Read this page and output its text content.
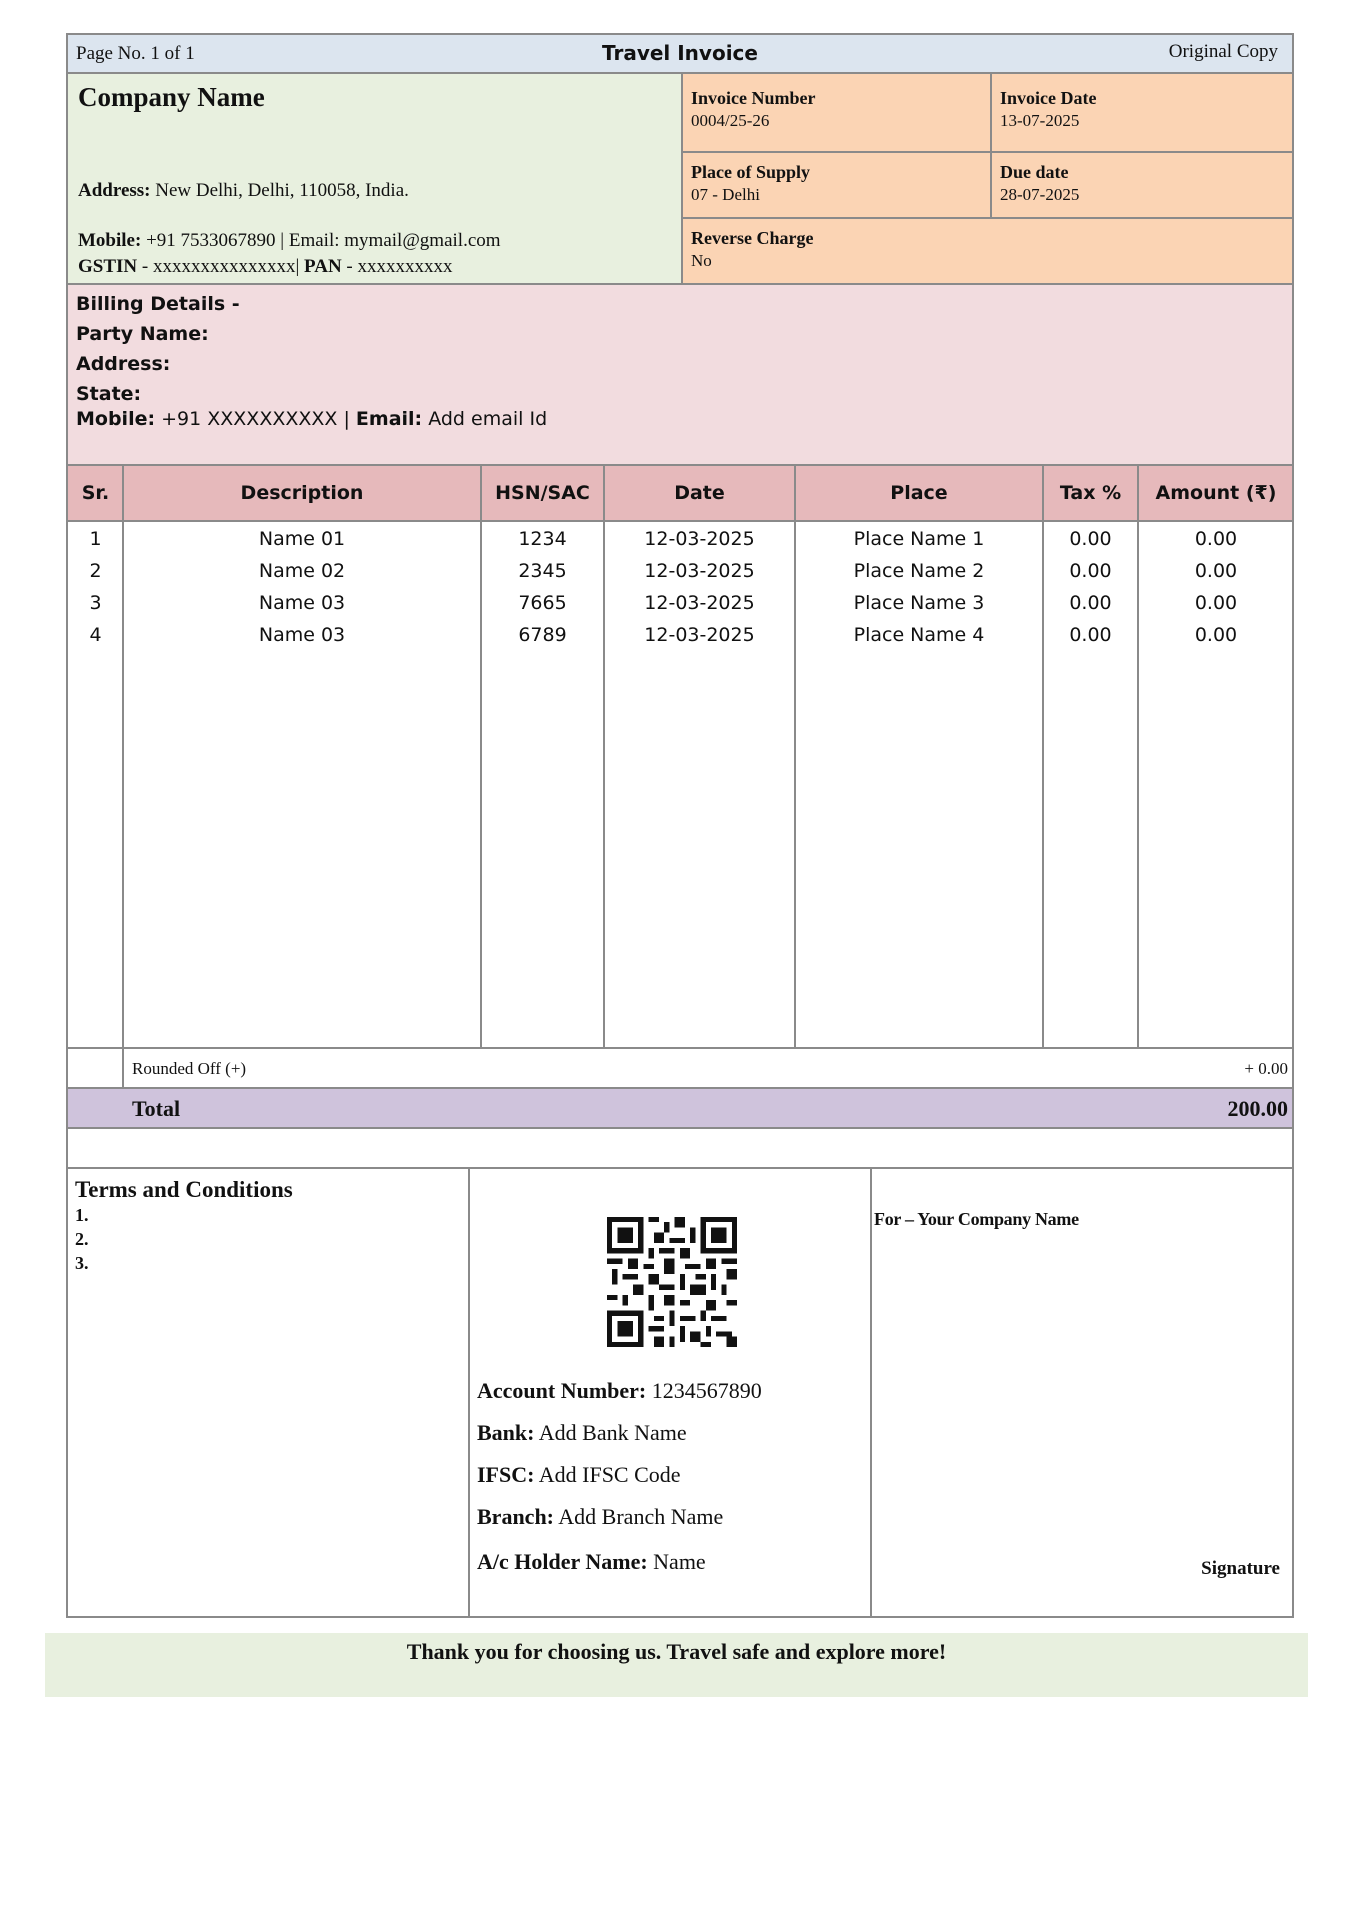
Page No. 1 of 1	Travel Invoice	Original Copy
Company Name
Address: New Delhi, Delhi, 110058, India.
Mobile: +91 7533067890 | Email: mymail@gmail.com
GSTIN - xxxxxxxxxxxxxxx| PAN - xxxxxxxxxx
Invoice Number
0004/25-26
Invoice Date
13-07-2025
Place of Supply
07 - Delhi
Due date
28-07-2025
Reverse Charge
No
Billing Details -
Party Name:
Address:
State:
Mobile: +91 XXXXXXXXXX | Email: Add email Id
Sr.	Description	HSN/SAC	Date	Place	Tax %	Amount (₹)
1	Name 01	1234	12-03-2025	Place Name 1	0.00	0.00
2	Name 02	2345	12-03-2025	Place Name 2	0.00	0.00
3	Name 03	7665	12-03-2025	Place Name 3	0.00	0.00
4	Name 03	6789	12-03-2025	Place Name 4	0.00	0.00
Rounded Off (+)	+ 0.00
Total	200.00
Terms and Conditions
1.
2.
3.
Account Number: 1234567890
Bank: Add Bank Name
IFSC: Add IFSC Code
Branch: Add Branch Name
A/c Holder Name: Name
For – Your Company Name
Signature
Thank you for choosing us. Travel safe and explore more!
